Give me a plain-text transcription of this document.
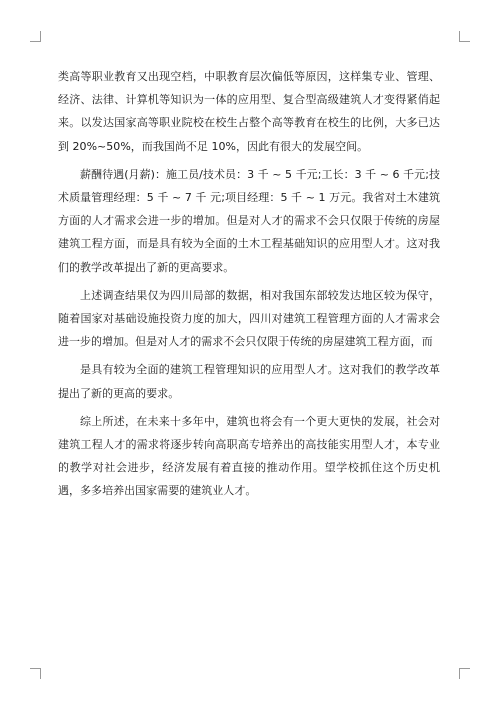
类高等职业教育又出现空档，中职教育层次偏低等原因，这样集专业、管理、经济、法律、计算机等知识为一体的应用型、复合型高级建筑人才变得紧俏起来。以发达国家高等职业院校在校生占整个高等教育在校生的比例，大多已达到 20%~50%，而我国尚不足 10%，因此有很大的发展空间。

薪酬待遇(月薪)：施工员/技术员：3 千 ~ 5 千元;工长：3 千 ~ 6 千元;技术质量管理经理：5 千 ~ 7 千 元;项目经理：5 千 ~ 1 万元。我省对土木建筑方面的人才需求会进一步的增加。但是对人才的需求不会只仅限于传统的房屋建筑工程方面，而是具有较为全面的土木工程基础知识的应用型人才。这对我们的教学改革提出了新的更高要求。

上述调查结果仅为四川局部的数据，相对我国东部较发达地区较为保守，随着国家对基础设施投资力度的加大，四川对建筑工程管理方面的人才需求会进一步的增加。但是对人才的需求不会只仅限于传统的房屋建筑工程方面，而

是具有较为全面的建筑工程管理知识的应用型人才。这对我们的教学改革提出了新的更高的要求。

综上所述，在未来十多年中，建筑也将会有一个更大更快的发展，社会对建筑工程人才的需求将逐步转向高职高专培养出的高技能实用型人才，本专业的教学对社会进步，经济发展有着直接的推动作用。望学校抓住这个历史机遇，多多培养出国家需要的建筑业人才。
